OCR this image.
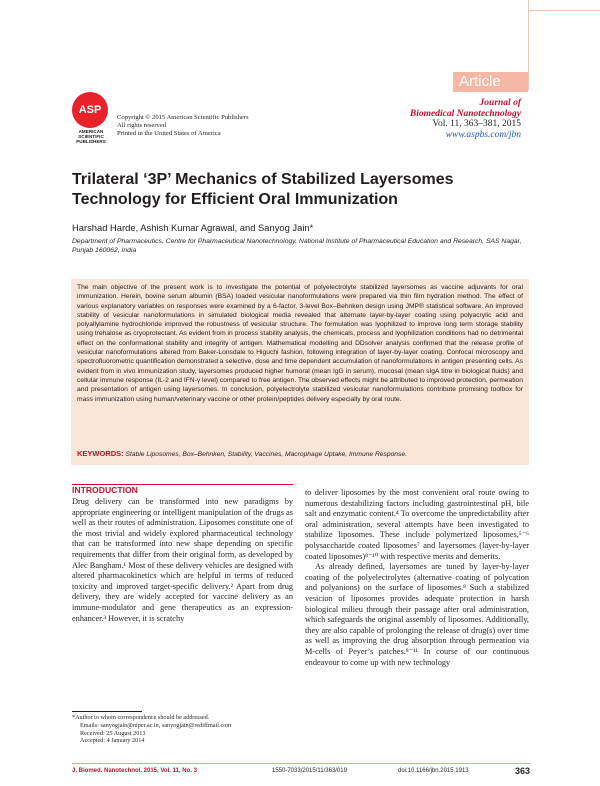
Article
ASP
AMERICAN
SCIENTIFIC
PUBLISHERS
Copyright © 2015 American Scientific Publishers
All rights reserved
Printed in the United States of America
Journal of
Biomedical Nanotechnology
Vol. 11, 363–381, 2015
www.aspbs.com/jbn
Trilateral ‘3P’ Mechanics of Stabilized Layersomes Technology for Efficient Oral Immunization
Harshad Harde, Ashish Kumar Agrawal, and Sanyog Jain*
Department of Pharmaceutics, Centre for Pharmaceutical Nanotechnology, National Institute of Pharmaceutical Education and Research, SAS Nagar, Punjab 160062, India
The main objective of the present work is to investigate the potential of polyelectrolyte stabilized layersomes as vaccine adjuvants for oral immunization. Herein, bovine serum albumin (BSA) loaded vesicular nanoformulations were prepared via thin film hydration method. The effect of various explanatory variables on responses were examined by a 6-factor, 3-level Box–Behnken design using JMP® statistical software. An improved stability of vesicular nanoformulations in simulated biological media revealed that alternate layer-by-layer coating using polyacrylic acid and polyallylamine hydrochloride improved the robustness of vesicular structure. The formulation was lyophilized to improve long term storage stability using trehalose as cryoprotectant. As evident from in process stability analysis, the chemicals, process and lyophilization conditions had no detrimental effect on the conformational stability and integrity of antigen. Mathematical modelling and DDsolver analysis confirmed that the release profile of vesicular nanoformulations altered from Baker-Lonsdale to Higuchi fashion, following integration of layer-by-layer coating. Confocal microscopy and spectrofluorometric quantification demonstrated a selective, dose and time dependent accumulation of nanoformulations in antigen presenting cells. As evident from in vivo immunization study, layersomes produced higher humoral (mean IgG in serum), mucosal (mean sIgA titre in biological fluids) and cellular immune response (IL-2 and IFN-γ level) compared to free antigen. The observed effects might be attributed to improved protection, permeation and presentation of antigen using layersomes. In conclusion, polyelectrolyte stabilized vesicular nanoformulations contribute promising toolbox for mass immunization using human/veterinary vaccine or other protein/peptides delivery especially by oral route.
KEYWORDS: Stable Liposomes, Box–Behnken, Stability, Vaccines, Macrophage Uptake, Immune Response.
INTRODUCTION
Drug delivery can be transformed into new paradigms by appropriate engineering or intelligent manipulation of the drugs as well as their routes of administration. Liposomes constitute one of the most trivial and widely explored pharmaceutical technology that can be transformed into new shape depending on specific requirements that differ from their original form, as developed by Alec Bangham.¹ Most of these delivery vehicles are designed with altered pharmacokinetics which are helpful in terms of reduced toxicity and improved target-specific delivery.² Apart from drug delivery, they are widely accepted for vaccine delivery as an immune-modulator and gene therapeutics as an expression-enhancer.³ However, it is scratchy
to deliver liposomes by the most convenient oral route owing to numerous destabilizing factors including gastrointestinal pH, bile salt and enzymatic content.⁴ To overcome the unpredictability after oral administration, several attempts have been investigated to stabilize liposomes. These include polymerized liposomes,⁵⁻⁶ polysaccharide coated liposomes⁷ and layersomes (layer-by-layer coated liposomes)⁸⁻¹⁰ with respective merits and demerits.
As already defined, layersomes are tuned by layer-by-layer coating of the polyelectrolytes (alternative coating of polycation and polyanions) on the surface of liposomes.⁸ Such a stabilized vesicion of liposomes provides adequate protection in harsh biological milieu through their passage after oral administration, which safeguards the original assembly of liposomes. Additionally, they are also capable of prolonging the release of drug(s) over time as well as improving the drug absorption through permeation via M-cells of Peyer’s patches.⁸⁻¹¹ In course of our continuous endeavour to come up with new technology
*Author to whom correspondence should be addressed.
Emails: sanyogjain@niper.ac.in, sanyogjain@rediffmail.com
Received: 25 August 2013
Accepted: 4 January 2014
J. Biomed. Nanotechnol. 2015, Vol. 11, No. 3	1550-7033/2015/11/363/019	doi:10.1166/jbn.2015.1913	363
